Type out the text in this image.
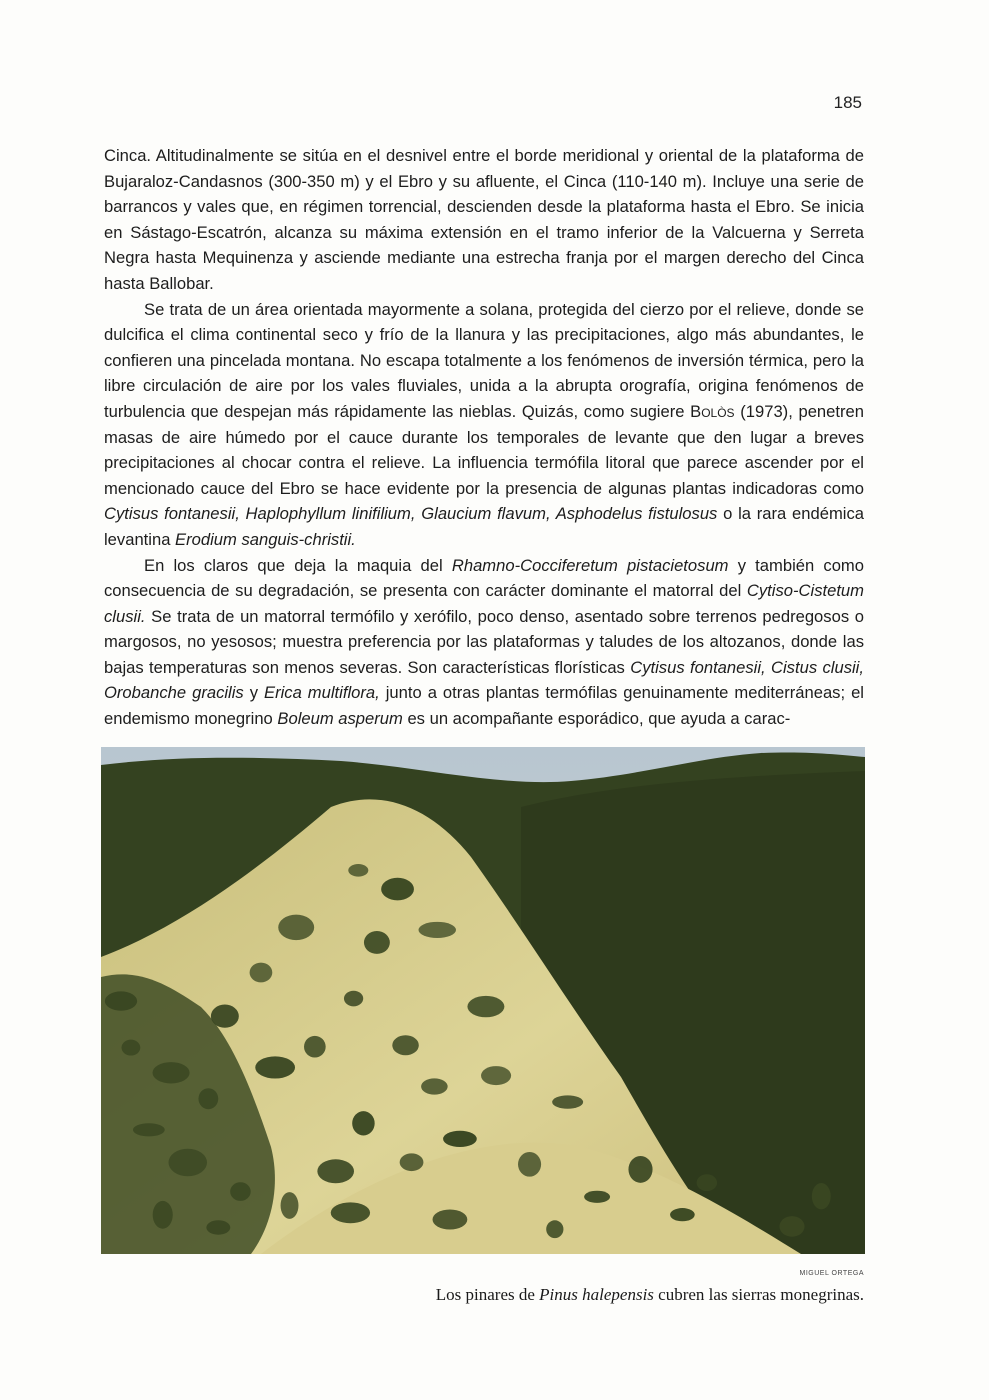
185

Cinca. Altitudinalmente se sitúa en el desnivel entre el borde meridional y oriental de la plataforma de Bujaraloz-Candasnos (300-350 m) y el Ebro y su afluente, el Cinca (110-140 m). Incluye una serie de barrancos y vales que, en régimen torrencial, descienden desde la plataforma hasta el Ebro. Se inicia en Sástago-Escatrón, alcanza su máxima extensión en el tramo inferior de la Valcuerna y Serreta Negra hasta Mequinenza y asciende mediante una estrecha franja por el margen derecho del Cinca hasta Ballobar.

Se trata de un área orientada mayormente a solana, protegida del cierzo por el relieve, donde se dulcifica el clima continental seco y frío de la llanura y las precipitaciones, algo más abundantes, le confieren una pincelada montana. No escapa totalmente a los fenómenos de inversión térmica, pero la libre circulación de aire por los vales fluviales, unida a la abrupta orografía, origina fenómenos de turbulencia que despejan más rápidamente las nieblas. Quizás, como sugiere Bolòs (1973), penetren masas de aire húmedo por el cauce durante los temporales de levante que den lugar a breves precipitaciones al chocar contra el relieve. La influencia termófila litoral que parece ascender por el mencionado cauce del Ebro se hace evidente por la presencia de algunas plantas indicadoras como Cytisus fontanesii, Haplophyllum linifilium, Glaucium flavum, Asphodelus fistulosus o la rara endémica levantina Erodium sanguis-christii.

En los claros que deja la maquia del Rhamno-Cocciferetum pistacietosum y también como consecuencia de su degradación, se presenta con carácter dominante el matorral del Cytiso-Cistetum clusii. Se trata de un matorral termófilo y xerófilo, poco denso, asentado sobre terrenos pedregosos o margosos, no yesosos; muestra preferencia por las plataformas y taludes de los altozanos, donde las bajas temperaturas son menos severas. Son características florísticas Cytisus fontanesii, Cistus clusii, Orobanche gracilis y Erica multiflora, junto a otras plantas termófilas genuinamente mediterráneas; el endemismo monegrino Boleum asperum es un acompañante esporádico, que ayuda a carac-

MIGUEL ORTEGA
Los pinares de Pinus halepensis cubren las sierras monegrinas.
